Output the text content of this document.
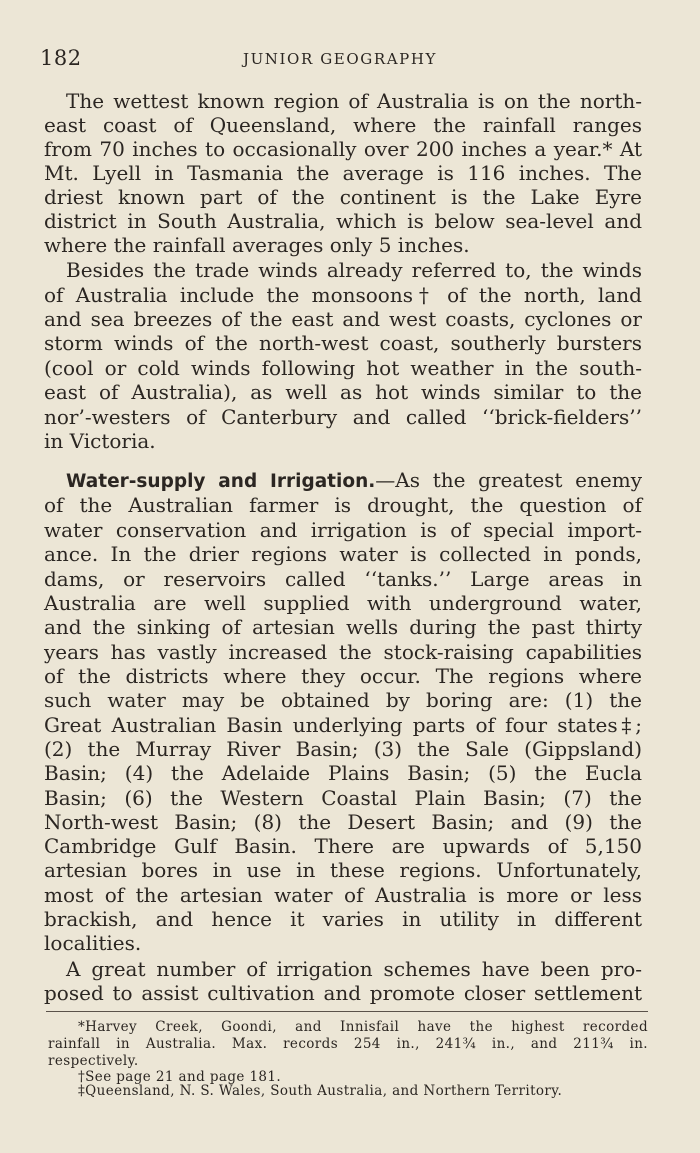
182	JUNIOR GEOGRAPHY
The wettest known region of Australia is on the north-
east coast of Queensland, where the rainfall ranges
from 70 inches to occasionally over 200 inches a year.* At
Mt. Lyell in Tasmania the average is 116 inches. The
driest known part of the continent is the Lake Eyre
district in South Australia, which is below sea-level and
where the rainfall averages only 5 inches.
Besides the trade winds already referred to, the winds
of Australia include the monsoons† of the north, land
and sea breezes of the east and west coasts, cyclones or
storm winds of the north-west coast, southerly bursters
(cool or cold winds following hot weather in the south-
east of Australia), as well as hot winds similar to the
nor’-westers of Canterbury and called ‘‘brick-fielders’’
in Victoria.
Water-supply and Irrigation.—As the greatest enemy
of the Australian farmer is drought, the question of
water conservation and irrigation is of special import-
ance. In the drier regions water is collected in ponds,
dams, or reservoirs called ‘‘tanks.’’ Large areas in
Australia are well supplied with underground water,
and the sinking of artesian wells during the past thirty
years has vastly increased the stock-raising capabilities
of the districts where they occur. The regions where
such water may be obtained by boring are: (1) the
Great Australian Basin underlying parts of four states‡;
(2) the Murray River Basin; (3) the Sale (Gippsland)
Basin; (4) the Adelaide Plains Basin; (5) the Eucla
Basin; (6) the Western Coastal Plain Basin; (7) the
North-west Basin; (8) the Desert Basin; and (9) the
Cambridge Gulf Basin. There are upwards of 5,150
artesian bores in use in these regions. Unfortunately,
most of the artesian water of Australia is more or less
brackish, and hence it varies in utility in different
localities.
A great number of irrigation schemes have been pro-
posed to assist cultivation and promote closer settlement
*Harvey Creek, Goondi, and Innisfail have the highest recorded
rainfall in Australia. Max. records 254 in., 241¾ in., and 211¾ in.
respectively.
†See page 21 and page 181.
‡Queensland, N. S. Wales, South Australia, and Northern Territory.
